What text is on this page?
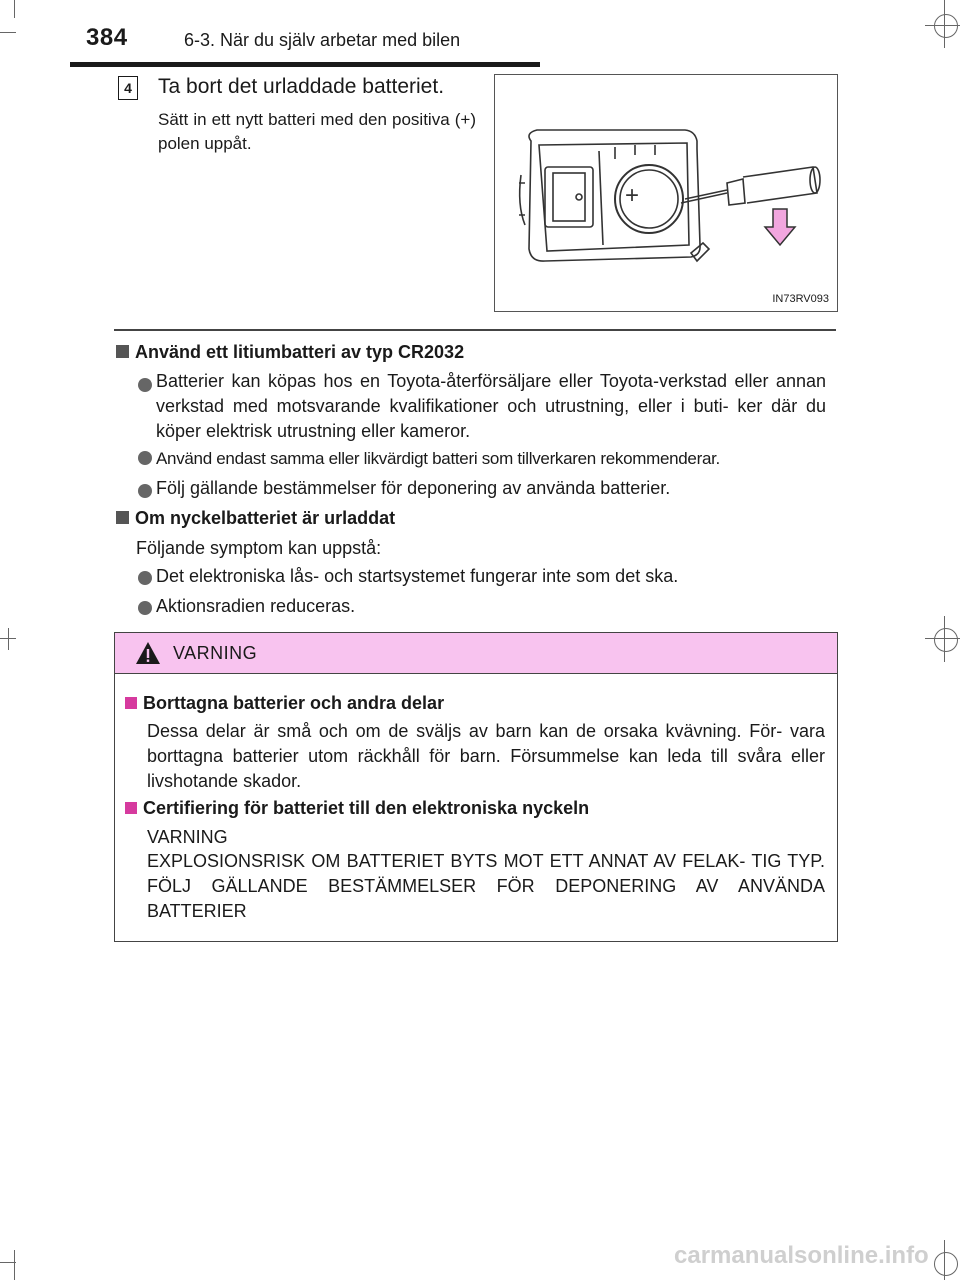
384	6-3. När du själv arbetar med bilen
4 Ta bort det urladdade batteriet.
Sätt in ett nytt batteri med den positiva (+) polen uppåt.
+
IN73RV093
Använd ett litiumbatteri av typ CR2032
Batterier kan köpas hos en Toyota-återförsäljare eller Toyota-verkstad eller annan verkstad med motsvarande kvalifikationer och utrustning, eller i buti- ker där du köper elektrisk utrustning eller kameror.
Använd endast samma eller likvärdigt batteri som tillverkaren rekommenderar.
Följ gällande bestämmelser för deponering av använda batterier.
Om nyckelbatteriet är urladdat
Följande symptom kan uppstå:
Det elektroniska lås- och startsystemet fungerar inte som det ska.
Aktionsradien reduceras.
VARNING
Borttagna batterier och andra delar
Dessa delar är små och om de sväljs av barn kan de orsaka kvävning. För- vara borttagna batterier utom räckhåll för barn. Försummelse kan leda till svåra eller livshotande skador.
Certifiering för batteriet till den elektroniska nyckeln
VARNING
EXPLOSIONSRISK OM BATTERIET BYTS MOT ETT ANNAT AV FELAK- TIG TYP. FÖLJ GÄLLANDE BESTÄMMELSER FÖR DEPONERING AV ANVÄNDA BATTERIER
carmanualsonline.info
